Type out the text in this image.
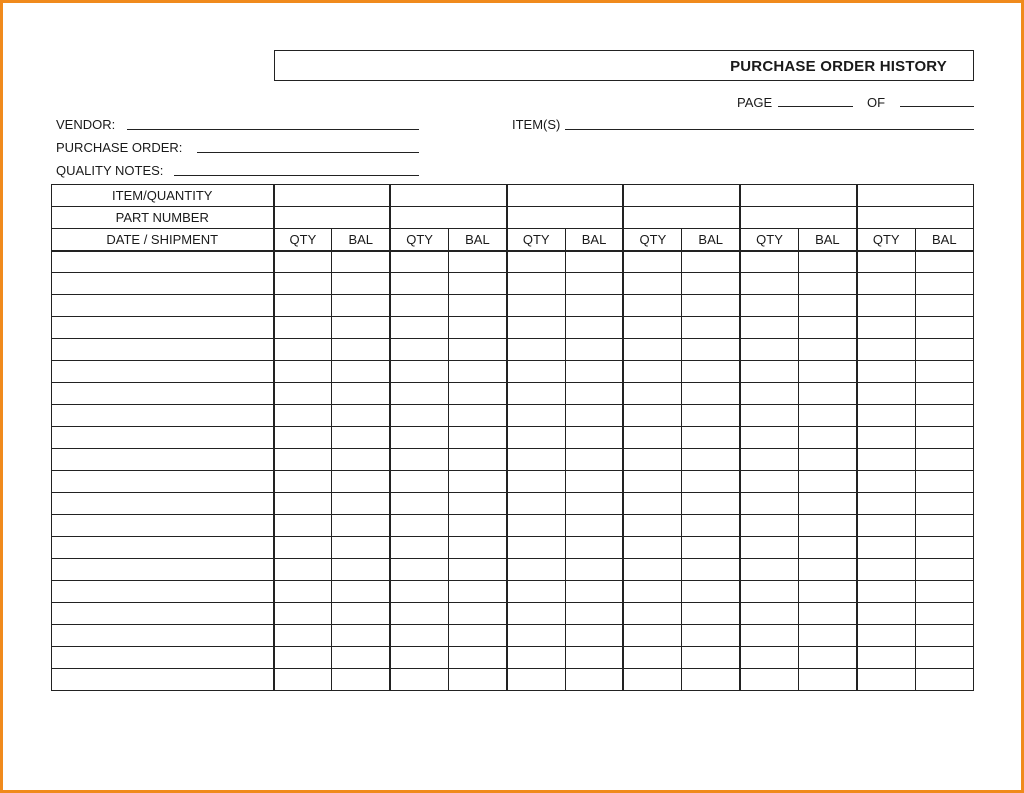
PURCHASE ORDER HISTORY
PAGE	OF
VENDOR:
PURCHASE ORDER:
QUALITY NOTES:
ITEM(S)
ITEM/QUANTITY												
PART NUMBER												
DATE / SHIPMENT	QTY	BAL	QTY	BAL	QTY	BAL	QTY	BAL	QTY	BAL	QTY	BAL
